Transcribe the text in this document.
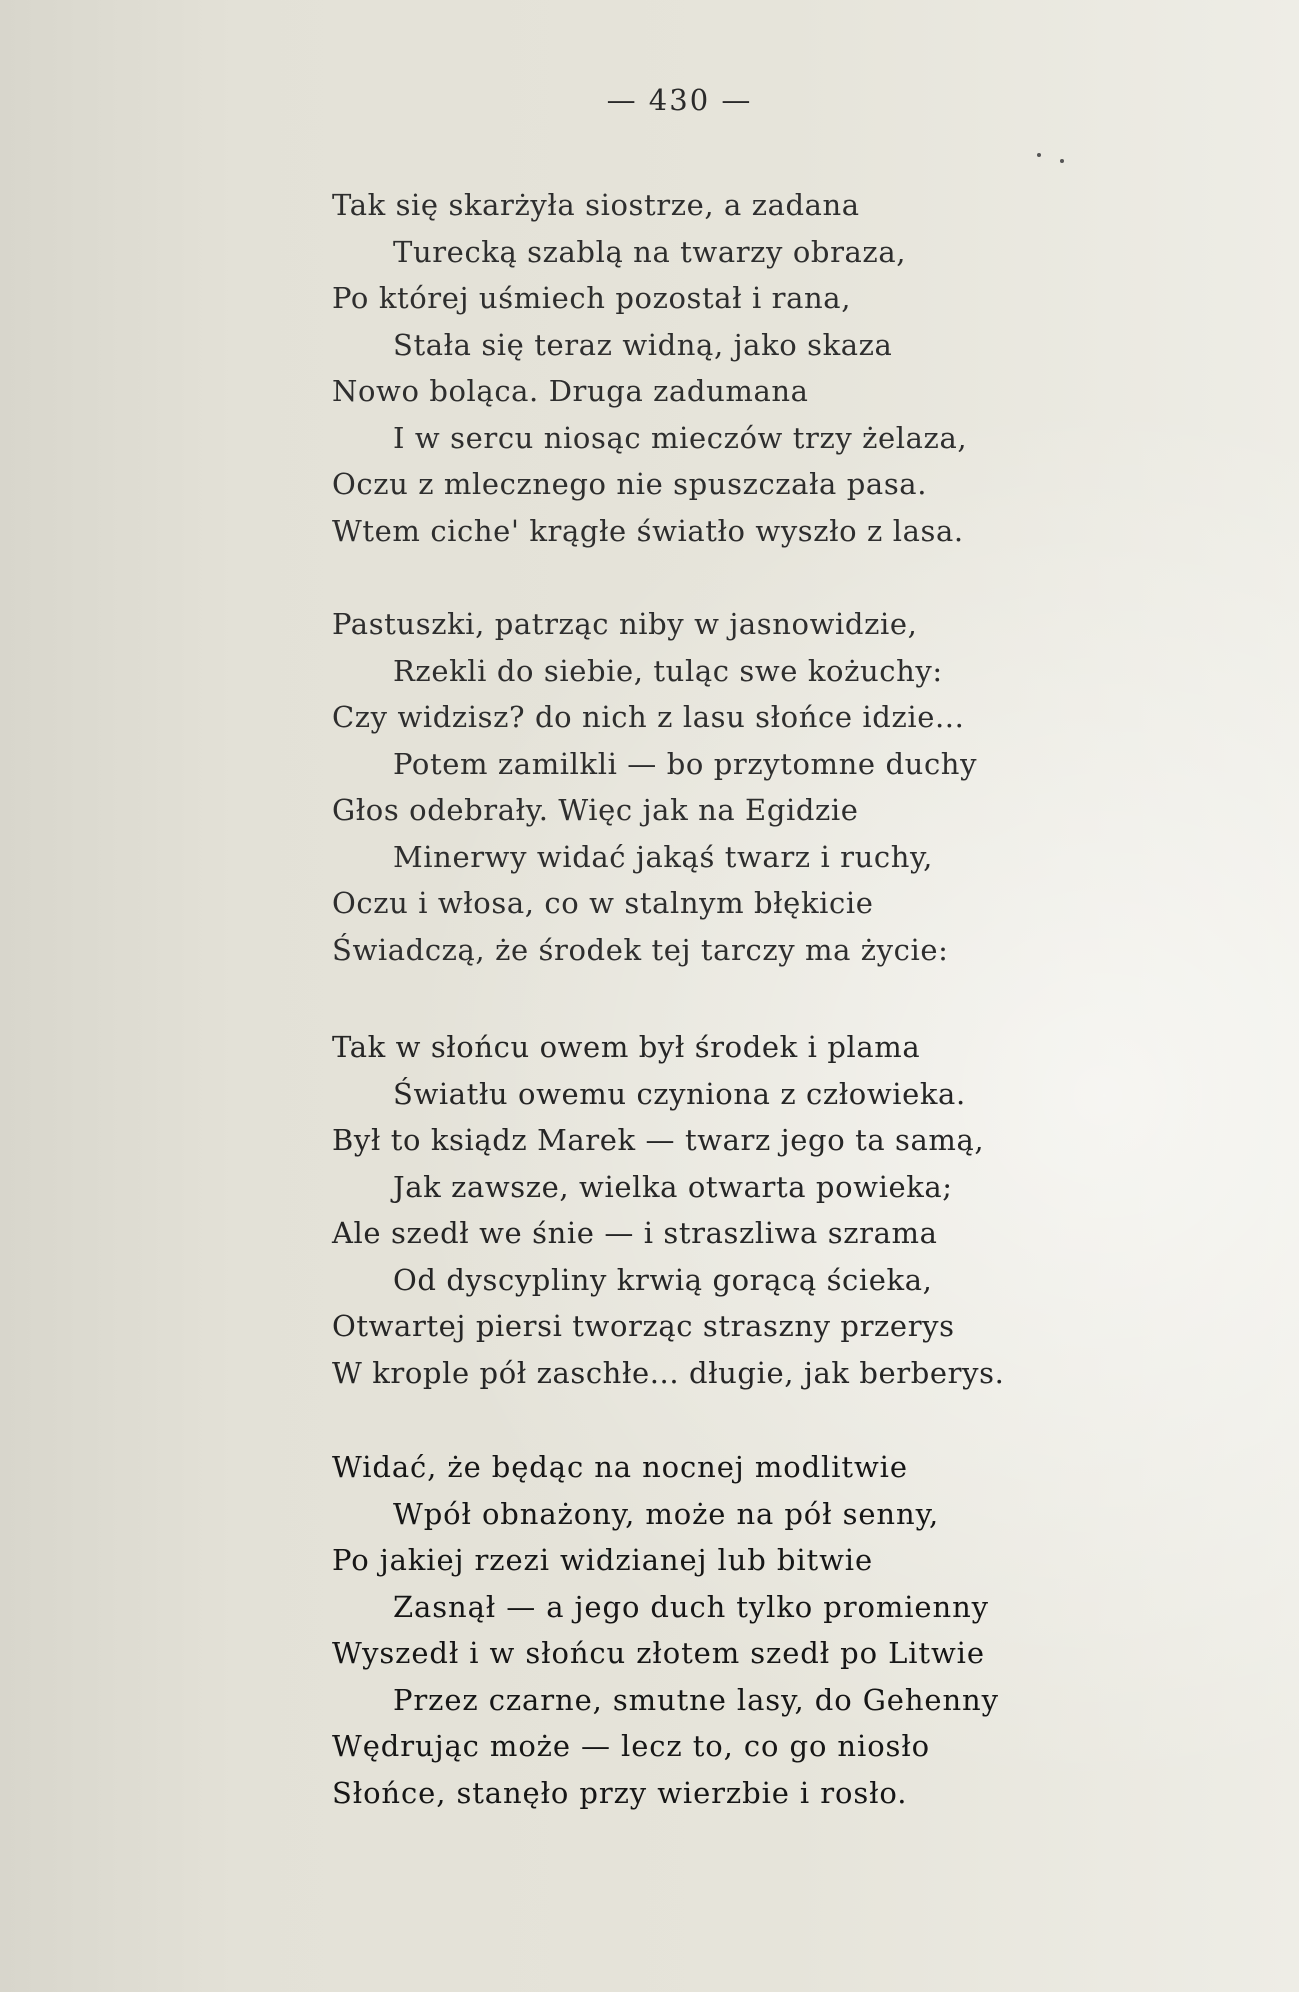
— 430 —
Tak się skarżyła siostrze, a zadana
Turecką szablą na twarzy obraza,
Po której uśmiech pozostał i rana,
Stała się teraz widną, jako skaza
Nowo boląca. Druga zadumana
I w sercu niosąc mieczów trzy żelaza,
Oczu z mlecznego nie spuszczała pasa.
Wtem ciche' krągłe światło wyszło z lasa.
Pastuszki, patrząc niby w jasnowidzie,
Rzekli do siebie, tuląc swe kożuchy:
Czy widzisz? do nich z lasu słońce idzie...
Potem zamilkli — bo przytomne duchy
Głos odebrały. Więc jak na Egidzie
Minerwy widać jakąś twarz i ruchy,
Oczu i włosa, co w stalnym błękicie
Świadczą, że środek tej tarczy ma życie:
Tak w słońcu owem był środek i plama
Światłu owemu czyniona z człowieka.
Był to ksiądz Marek — twarz jego ta samą,
Jak zawsze, wielka otwarta powieka;
Ale szedł we śnie — i straszliwa szrama
Od dyscypliny krwią gorącą ścieka,
Otwartej piersi tworząc straszny przerys
W krople pół zaschłe... długie, jak berberys.
Widać, że będąc na nocnej modlitwie
Wpół obnażony, może na pół senny,
Po jakiej rzezi widzianej lub bitwie
Zasnął — a jego duch tylko promienny
Wyszedł i w słońcu złotem szedł po Litwie
Przez czarne, smutne lasy, do Gehenny
Wędrując może — lecz to, co go niosło
Słońce, stanęło przy wierzbie i rosło.
